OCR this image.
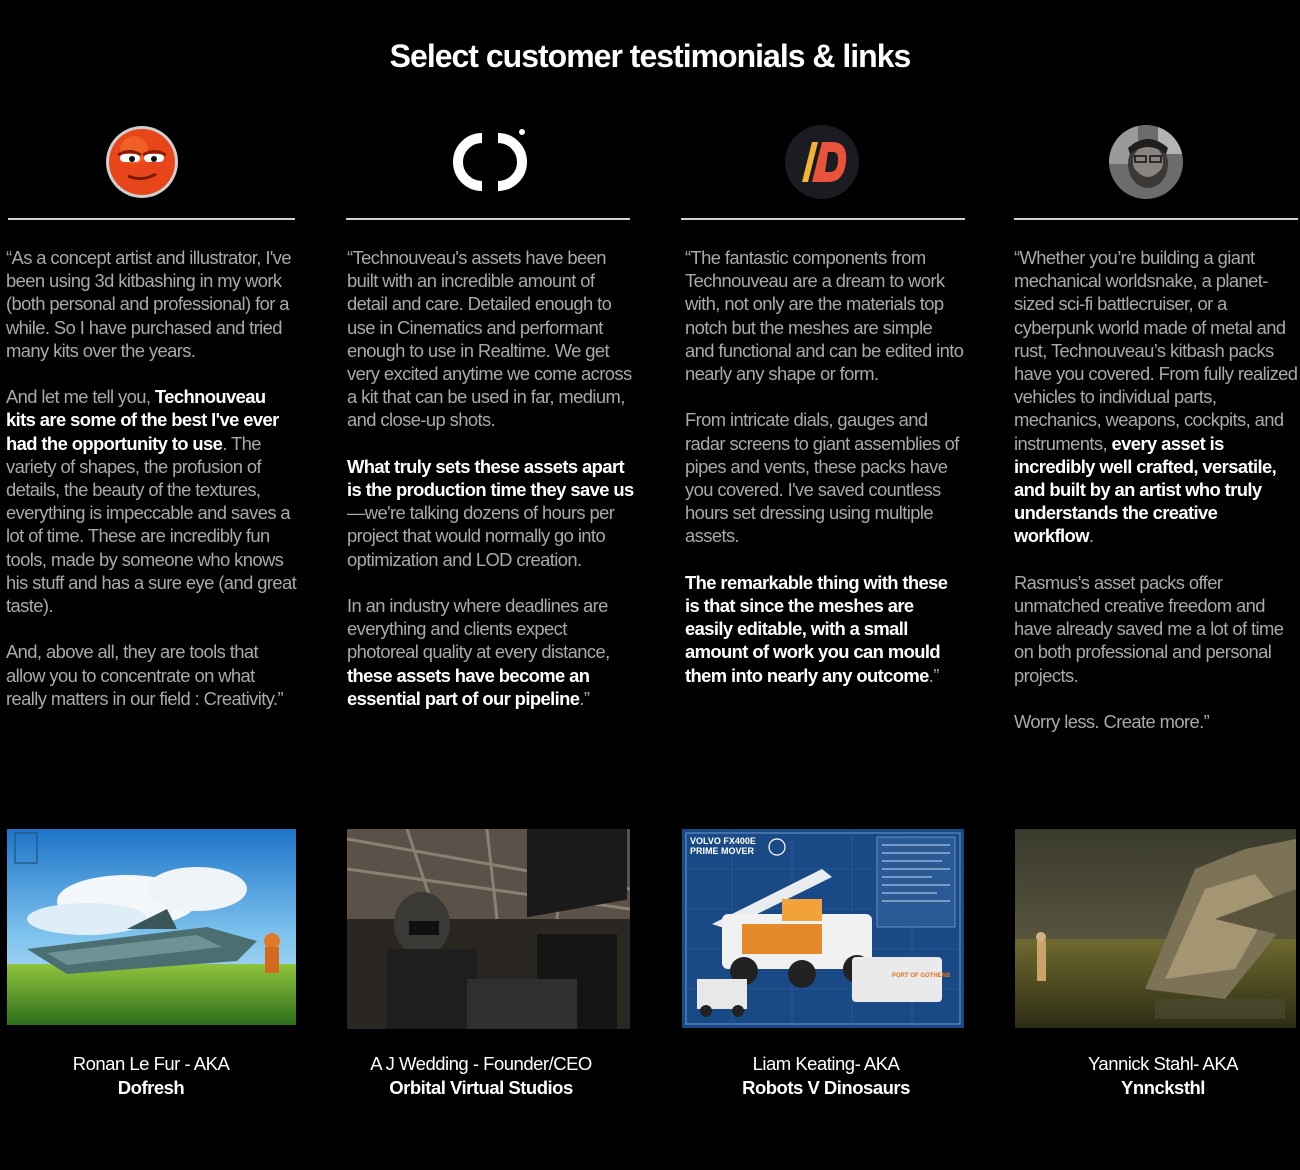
Select customer testimonials & links

“As a concept artist and illustrator, I've been using 3d kitbashing in my work (both personal and professional) for a while. So I have purchased and tried many kits over the years.

And let me tell you, Technouveau kits are some of the best I've ever had the opportunity to use. The variety of shapes, the profusion of details, the beauty of the textures, everything is impeccable and saves a lot of time. These are incredibly fun tools, made by someone who knows his stuff and has a sure eye (and great taste).

And, above all, they are tools that allow you to concentrate on what really matters in our field : Creativity.”

Ronan Le Fur - AKA
Dofresh

“Technouveau's assets have been built with an incredible amount of detail and care. Detailed enough to use in Cinematics and performant enough to use in Realtime. We get very excited anytime we come across a kit that can be used in far, medium, and close-up shots.

What truly sets these assets apart is the production time they save us—we're talking dozens of hours per project that would normally go into optimization and LOD creation.

In an industry where deadlines are everything and clients expect photoreal quality at every distance, these assets have become an essential part of our pipeline.”

A J Wedding - Founder/CEO
Orbital Virtual Studios

“The fantastic components from Technouveau are a dream to work with, not only are the materials top notch but the meshes are simple and functional and can be edited into nearly any shape or form.

From intricate dials, gauges and radar screens to giant assemblies of pipes and vents, these packs have you covered. I've saved countless hours set dressing using multiple assets.

The remarkable thing with these is that since the meshes are easily editable, with a small amount of work you can mould them into nearly any outcome.”

VOLVO FX400E PRIME MOVER
PORT OF GOTHENB
Liam Keating- AKA
Robots V Dinosaurs

“Whether you’re building a giant mechanical worldsnake, a planet-sized sci-fi battlecruiser, or a cyberpunk world made of metal and rust, Technouveau’s kitbash packs have you covered. From fully realized vehicles to individual parts, mechanics, weapons, cockpits, and instruments, every asset is incredibly well crafted, versatile, and built by an artist who truly understands the creative workflow.

Rasmus's asset packs offer unmatched creative freedom and have already saved me a lot of time on both professional and personal projects.

Worry less. Create more.”

Yannick Stahl- AKA
Ynncksthl
